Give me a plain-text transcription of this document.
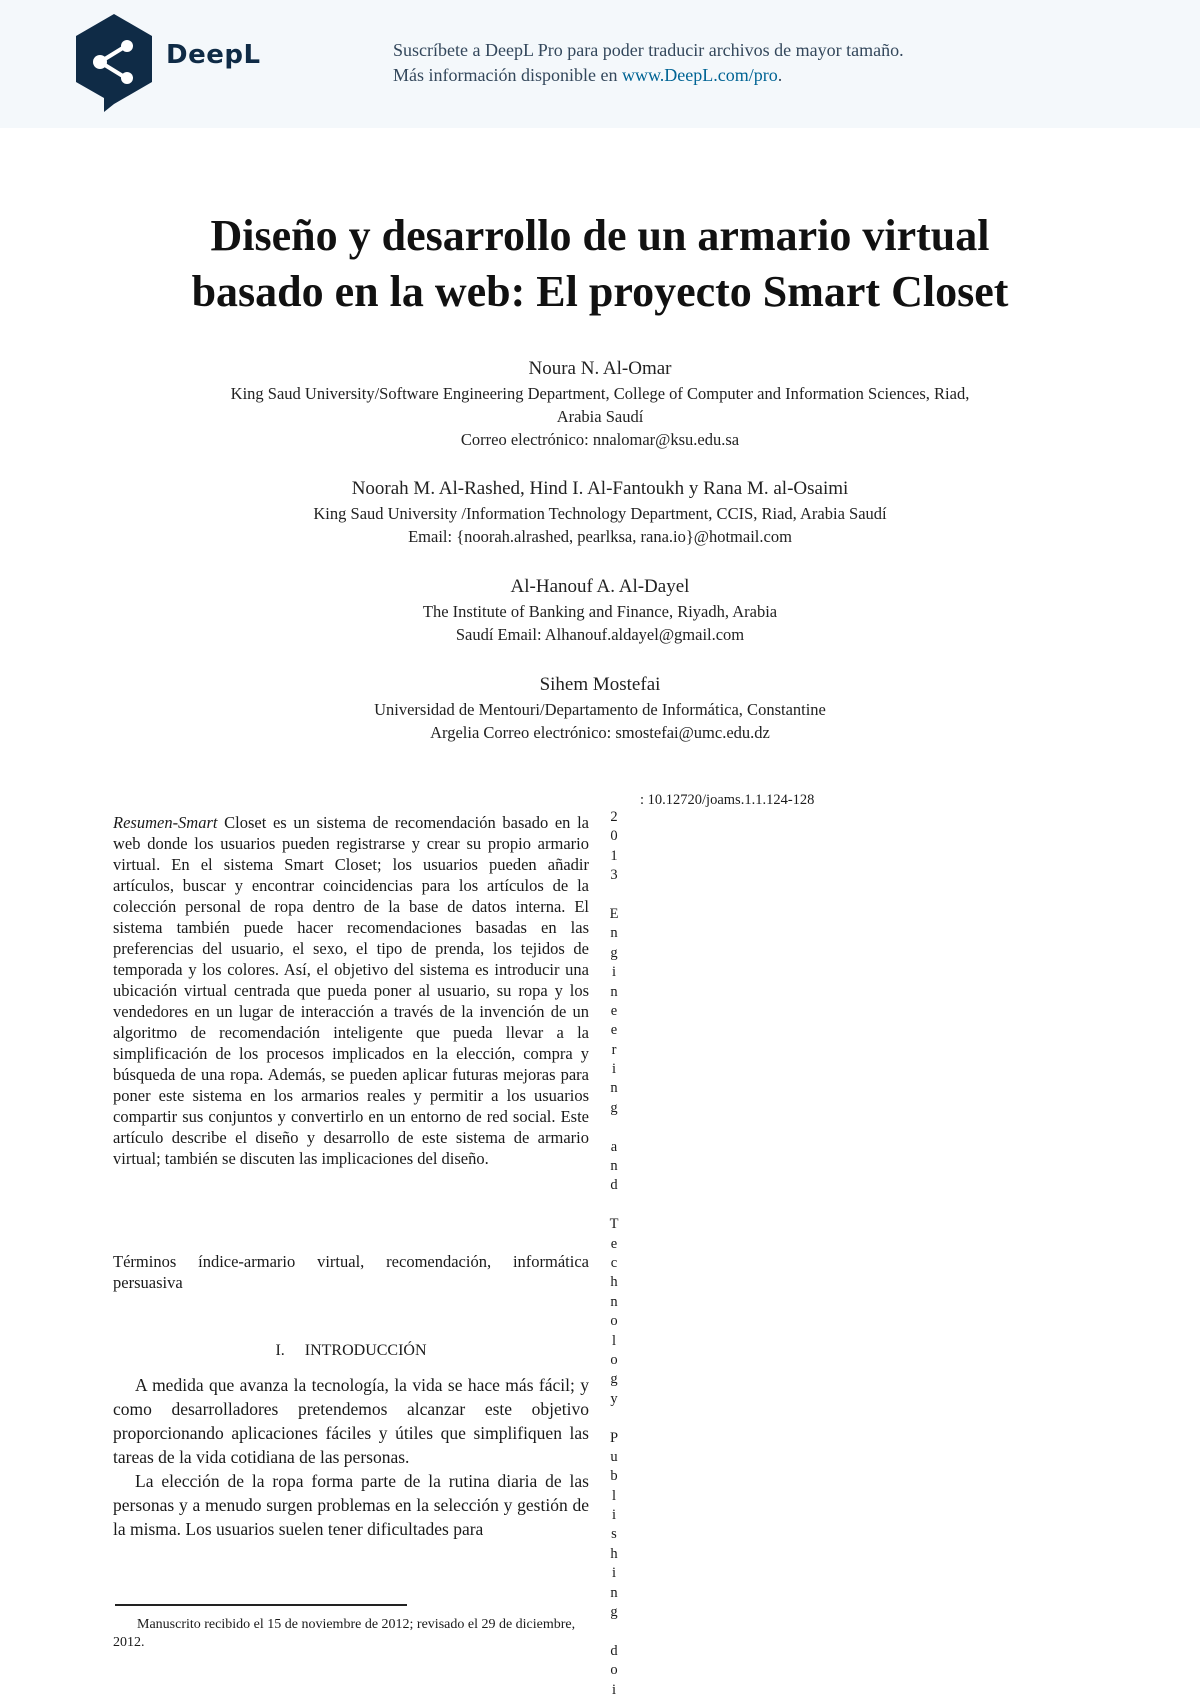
DeepL	Suscríbete a DeepL Pro para poder traducir archivos de mayor tamaño.
Más información disponible en www.DeepL.com/pro.
Diseño y desarrollo de un armario virtual
basado en la web: El proyecto Smart Closet
Noura N. Al-Omar
King Saud University/Software Engineering Department, College of Computer and Information Sciences, Riad,
Arabia Saudí
Correo electrónico: nnalomar@ksu.edu.sa
Noorah M. Al-Rashed, Hind I. Al-Fantoukh y Rana M. al-Osaimi
King Saud University /Information Technology Department, CCIS, Riad, Arabia Saudí
Email: {noorah.alrashed, pearlksa, rana.io}@hotmail.com
Al-Hanouf A. Al-Dayel
The Institute of Banking and Finance, Riyadh, Arabia
Saudí Email: Alhanouf.aldayel@gmail.com
Sihem Mostefai
Universidad de Mentouri/Departamento de Informática, Constantine
Argelia Correo electrónico: smostefai@umc.edu.dz
Resumen-Smart Closet es un sistema de recomendación basado en la web donde los usuarios pueden registrarse y crear su propio armario virtual. En el sistema Smart Closet; los usuarios pueden añadir artículos, buscar y encontrar coincidencias para los artículos de la colección personal de ropa dentro de la base de datos interna. El sistema también puede hacer recomendaciones basadas en las preferencias del usuario, el sexo, el tipo de prenda, los tejidos de temporada y los colores. Así, el objetivo del sistema es introducir una ubicación virtual centrada que pueda poner al usuario, su ropa y los vendedores en un lugar de interacción a través de la invención de un algoritmo de recomendación inteligente que pueda llevar a la simplificación de los procesos implicados en la elección, compra y búsqueda de una ropa. Además, se pueden aplicar futuras mejoras para poner este sistema en los armarios reales y permitir a los usuarios compartir sus conjuntos y convertirlo en un entorno de red social. Este artículo describe el diseño y desarrollo de este sistema de armario virtual; también se discuten las implicaciones del diseño.
Términos índice-armario virtual, recomendación, informática persuasiva
I.     INTRODUCCIÓN

A medida que avanza la tecnología, la vida se hace más fácil; y como desarrolladores pretendemos alcanzar este objetivo proporcionando aplicaciones fáciles y útiles que simplifiquen las tareas de la vida cotidiana de las personas.

La elección de la ropa forma parte de la rutina diaria de las personas y a menudo surgen problemas en la selección y gestión de la misma. Los usuarios suelen tener dificultades para

Manuscrito recibido el 15 de noviembre de 2012; revisado el 29 de diciembre,
2012.
: 10.12720/joams.1.1.124-128
2
0
1
3
E
n
g
i
n
e
e
r
i
n
g
a
n
d
T
e
c
h
n
o
l
o
g
y
P
u
b
l
i
s
h
i
n
g
d
o
i
